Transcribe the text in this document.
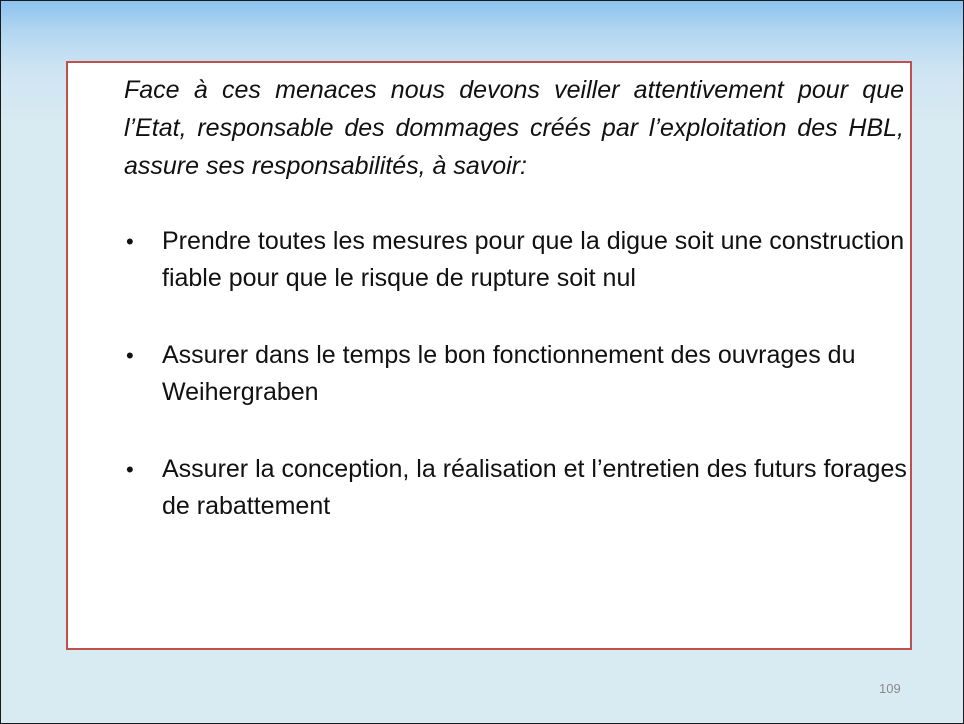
Face à ces menaces nous devons veiller attentivement pour que l’Etat, responsable des dommages créés par l’exploitation des HBL, assure ses responsabilités, à savoir:

• Prendre toutes les mesures pour que la digue soit une construction fiable pour que le risque de rupture soit nul
• Assurer dans le temps le bon fonctionnement des ouvrages du Weihergraben
• Assurer la conception, la réalisation et l’entretien des futurs forages de rabattement
109
